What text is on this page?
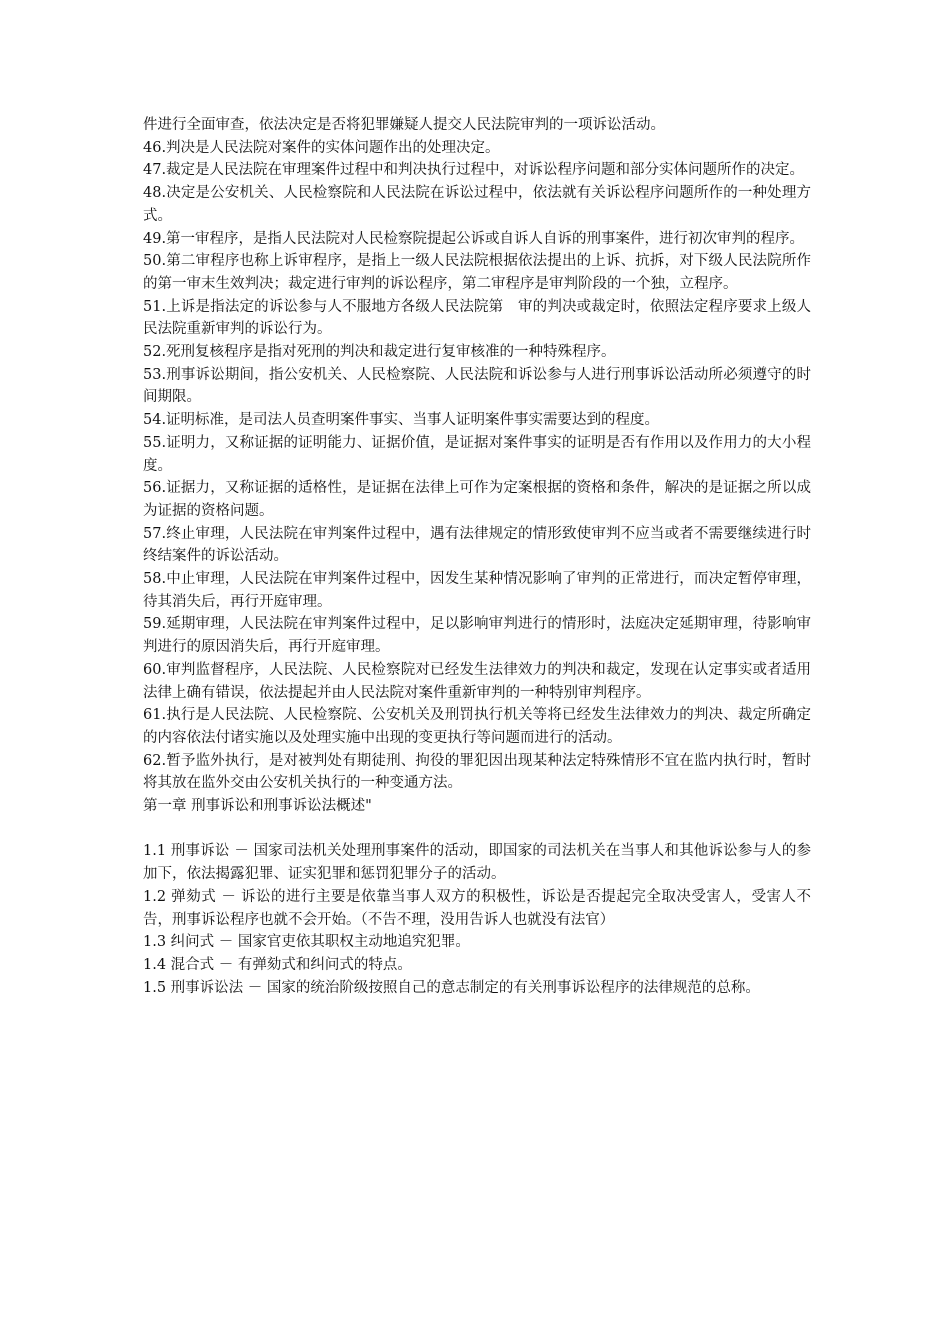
件进行全面审查，依法决定是否将犯罪嫌疑人提交人民法院审判的一项诉讼活动。

46.判决是人民法院对案件的实体问题作出的处理决定。

47.裁定是人民法院在审理案件过程中和判决执行过程中，对诉讼程序问题和部分实体问题所作的决定。

48.决定是公安机关、人民检察院和人民法院在诉讼过程中，依法就有关诉讼程序问题所作的一种处理方式。

49.第一审程序，是指人民法院对人民检察院提起公诉或自诉人自诉的刑事案件，进行初次审判的程序。

50.第二审程序也称上诉审程序，是指上一级人民法院根据依法提出的上诉、抗拆，对下级人民法院所作的第一审末生效判决；裁定进行审判的诉讼程序，第二审程序是审判阶段的一个独，立程序。

51.上诉是指法定的诉讼参与人不服地方各级人民法院第　审的判决或裁定时，依照法定程序要求上级人民法院重新审判的诉讼行为。

52.死刑复核程序是指对死刑的判决和裁定进行复审核准的一种特殊程序。

53.刑事诉讼期间，指公安机关、人民检察院、人民法院和诉讼参与人进行刑事诉讼活动所必须遵守的时间期限。

54.证明标准，是司法人员查明案件事实、当事人证明案件事实需要达到的程度。

55.证明力，又称证据的证明能力、证据价值，是证据对案件事实的证明是否有作用以及作用力的大小程度。

56.证据力，又称证据的适格性，是证据在法律上可作为定案根据的资格和条件，解决的是证据之所以成为证据的资格问题。

57.终止审理，人民法院在审判案件过程中，遇有法律规定的情形致使审判不应当或者不需要继续进行时终结案件的诉讼活动。

58.中止审理，人民法院在审判案件过程中，因发生某种情况影响了审判的正常进行，而决定暂停审理，待其消失后，再行开庭审理。

59.延期审理，人民法院在审判案件过程中，足以影响审判进行的情形时，法庭决定延期审理，待影响审判进行的原因消失后，再行开庭审理。

60.审判监督程序，人民法院、人民检察院对已经发生法律效力的判决和裁定，发现在认定事实或者适用法律上确有错误，依法提起并由人民法院对案件重新审判的一种特别审判程序。

61.执行是人民法院、人民检察院、公安机关及刑罚执行机关等将已经发生法律效力的判决、裁定所确定的内容依法付诸实施以及处理实施中出现的变更执行等问题而进行的活动。

62.暂予监外执行，是对被判处有期徒刑、拘役的罪犯因出现某种法定特殊情形不宜在监内执行时，暂时将其放在监外交由公安机关执行的一种变通方法。

第一章 刑事诉讼和刑事诉讼法概述"

1.1 刑事诉讼 － 国家司法机关处理刑事案件的活动，即国家的司法机关在当事人和其他诉讼参与人的参加下，依法揭露犯罪、证实犯罪和惩罚犯罪分子的活动。

1.2 弹劾式 － 诉讼的进行主要是依靠当事人双方的积极性，诉讼是否提起完全取决受害人，受害人不告，刑事诉讼程序也就不会开始。（不告不理，没用告诉人也就没有法官）

1.3 纠问式 － 国家官吏依其职权主动地追究犯罪。

1.4 混合式 － 有弹劾式和纠问式的特点。

1.5 刑事诉讼法 － 国家的统治阶级按照自己的意志制定的有关刑事诉讼程序的法律规范的总称。
